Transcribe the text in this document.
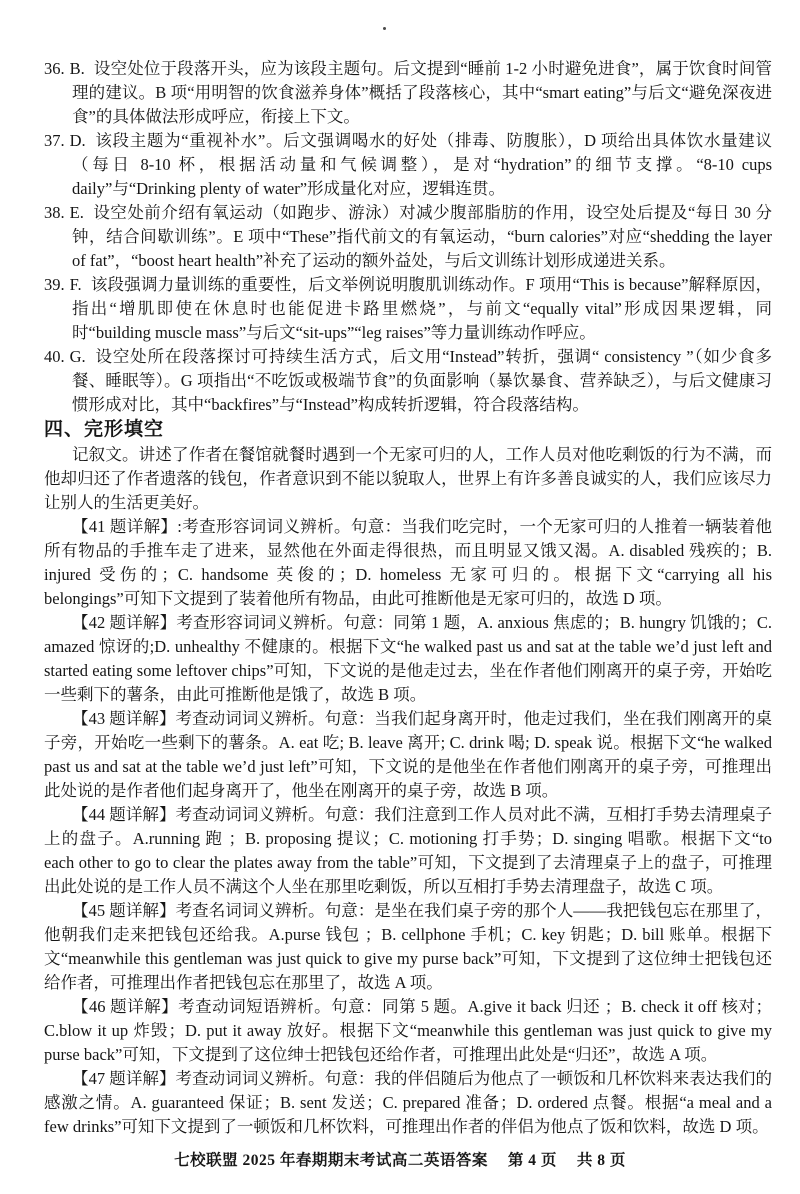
36. B. 设空处位于段落开头，应为该段主题句。后文提到“睡前 1-2 小时避免进食”，属于饮食时间管理的建议。B 项“用明智的饮食滋养身体”概括了段落核心，其中“smart eating”与后文“避免深夜进食”的具体做法形成呼应，衔接上下文。

37. D. 该段主题为“重视补水”。后文强调喝水的好处（排毒、防腹胀），D 项给出具体饮水量建议（每日 8-10 杯，根据活动量和气候调整），是对“hydration”的细节支撑。“8-10 cups daily”与“Drinking plenty of water”形成量化对应，逻辑连贯。

38. E. 设空处前介绍有氧运动（如跑步、游泳）对减少腹部脂肪的作用，设空处后提及“每日 30 分钟，结合间歇训练”。E 项中“These”指代前文的有氧运动，“burn calories”对应“shedding the layer of fat”，“boost heart health”补充了运动的额外益处，与后文训练计划形成递进关系。

39. F. 该段强调力量训练的重要性，后文举例说明腹肌训练动作。F 项用“This is because”解释原因，指出“增肌即使在休息时也能促进卡路里燃烧”，与前文“equally vital”形成因果逻辑，同时“building muscle mass”与后文“sit-ups”“leg raises”等力量训练动作呼应。

40. G. 设空处所在段落探讨可持续生活方式，后文用“Instead”转折，强调“ consistency ”（如少食多餐、睡眠等）。G 项指出“不吃饭或极端节食”的负面影响（暴饮暴食、营养缺乏），与后文健康习惯形成对比，其中“backfires”与“Instead”构成转折逻辑，符合段落结构。

四、完形填空

记叙文。讲述了作者在餐馆就餐时遇到一个无家可归的人，工作人员对他吃剩饭的行为不满，而他却归还了作者遗落的钱包，作者意识到不能以貌取人，世界上有许多善良诚实的人，我们应该尽力让别人的生活更美好。

【41 题详解】:考查形容词词义辨析。句意：当我们吃完时，一个无家可归的人推着一辆装着他所有物品的手推车走了进来，显然他在外面走得很热，而且明显又饿又渴。A. disabled 残疾的；B. injured 受伤的；C. handsome 英俊的；D. homeless 无家可归的。根据下文“carrying all his belongings”可知下文提到了装着他所有物品，由此可推断他是无家可归的，故选 D 项。

【42 题详解】考查形容词词义辨析。句意：同第 1 题，A. anxious 焦虑的；B. hungry 饥饿的；C. amazed 惊讶的;D. unhealthy 不健康的。根据下文“he walked past us and sat at the table we’d just left and started eating some leftover chips”可知，下文说的是他走过去，坐在作者他们刚离开的桌子旁，开始吃一些剩下的薯条，由此可推断他是饿了，故选 B 项。

【43 题详解】考查动词词义辨析。句意：当我们起身离开时，他走过我们，坐在我们刚离开的桌子旁，开始吃一些剩下的薯条。A. eat 吃; B. leave 离开; C. drink 喝; D. speak 说。根据下文“he walked past us and sat at the table we’d just left”可知，下文说的是他坐在作者他们刚离开的桌子旁，可推理出此处说的是作者他们起身离开了，他坐在刚离开的桌子旁，故选 B 项。

【44 题详解】考查动词词义辨析。句意：我们注意到工作人员对此不满，互相打手势去清理桌子上的盘子。A.running 跑 ；B. proposing 提议；C. motioning 打手势；D. singing 唱歌。根据下文“to each other to go to clear the plates away from the table”可知，下文提到了去清理桌子上的盘子，可推理出此处说的是工作人员不满这个人坐在那里吃剩饭，所以互相打手势去清理盘子，故选 C 项。

【45 题详解】考查名词词义辨析。句意：是坐在我们桌子旁的那个人——我把钱包忘在那里了，他朝我们走来把钱包还给我。A.purse 钱包 ；B. cellphone 手机；C. key 钥匙；D. bill 账单。根据下文“meanwhile this gentleman was just quick to give my purse back”可知，下文提到了这位绅士把钱包还给作者，可推理出作者把钱包忘在那里了，故选 A 项。

【46 题详解】考查动词短语辨析。句意：同第 5 题。A.give it back 归还 ；B. check it off 核对；C.blow it up 炸毁；D. put it away 放好。根据下文“meanwhile this gentleman was just quick to give my purse back”可知，下文提到了这位绅士把钱包还给作者，可推理出此处是“归还”，故选 A 项。

【47 题详解】考查动词词义辨析。句意：我的伴侣随后为他点了一顿饭和几杯饮料来表达我们的感激之情。A. guaranteed 保证；B. sent 发送；C. prepared 准备；D. ordered 点餐。根据“a meal and a few drinks”可知下文提到了一顿饭和几杯饮料，可推理出作者的伴侣为他点了饭和饮料，故选 D 项。

七校联盟 2025 年春期期末考试高二英语答案 第 4 页 共 8 页
